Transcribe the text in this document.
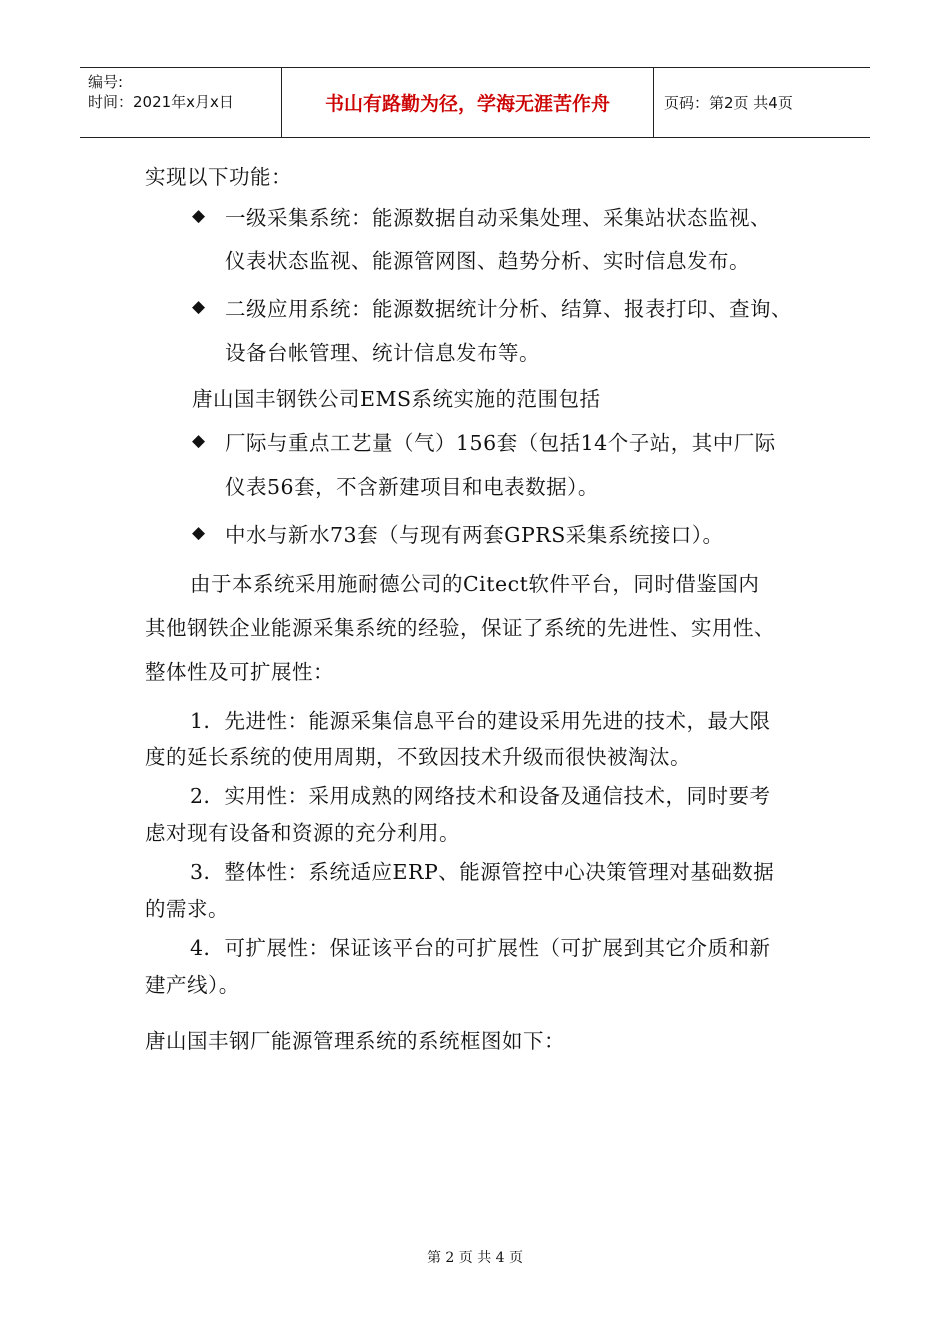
编号:
时间：2021年x月x日	书山有路勤为径，学海无涯苦作舟	页码：第2页 共4页
实现以下功能：
◆ 一级采集系统：能源数据自动采集处理、采集站状态监视、
仪表状态监视、能源管网图、趋势分析、实时信息发布。
◆ 二级应用系统：能源数据统计分析、结算、报表打印、查询、
设备台帐管理、统计信息发布等。
唐山国丰钢铁公司EMS系统实施的范围包括
◆ 厂际与重点工艺量（气）156套（包括14个子站，其中厂际
仪表56套，不含新建项目和电表数据）。
◆ 中水与新水73套（与现有两套GPRS采集系统接口）。
由于本系统采用施耐德公司的Citect软件平台，同时借鉴国内
其他钢铁企业能源采集系统的经验，保证了系统的先进性、实用性、
整体性及可扩展性：
1．先进性：能源采集信息平台的建设采用先进的技术，最大限
度的延长系统的使用周期，不致因技术升级而很快被淘汰。
2．实用性：采用成熟的网络技术和设备及通信技术，同时要考
虑对现有设备和资源的充分利用。
3．整体性：系统适应ERP、能源管控中心决策管理对基础数据
的需求。
4．可扩展性：保证该平台的可扩展性（可扩展到其它介质和新
建产线）。
唐山国丰钢厂能源管理系统的系统框图如下：
第 2 页 共 4 页
